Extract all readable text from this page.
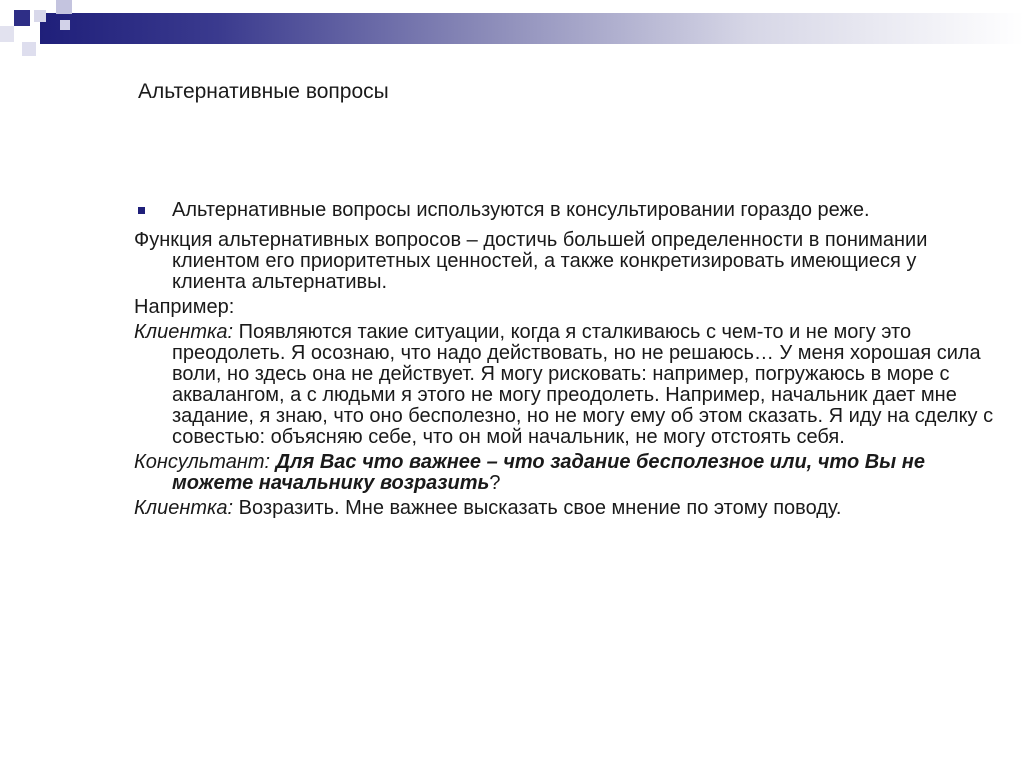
Альтернативные вопросы
Альтернативные вопросы используются в консультировании гораздо реже.
Функция альтернативных вопросов – достичь большей определенности в понимании клиентом его приоритетных ценностей, а также конкретизировать имеющиеся у клиента альтернативы.
Например:
Клиентка: Появляются такие ситуации, когда я сталкиваюсь с чем-то и не могу это преодолеть. Я осознаю, что надо действовать, но не решаюсь… У меня хорошая сила воли, но здесь она не действует. Я могу рисковать: например, погружаюсь в море с аквалангом, а с людьми я этого не могу преодолеть. Например, начальник дает мне задание, я знаю, что оно бесполезно, но не могу ему об этом сказать. Я иду на сделку с совестью: объясняю себе, что он мой начальник, не могу отстоять себя.
Консультант: Для Вас что важнее – что задание бесполезное или, что Вы не можете начальнику возразить?
Клиентка: Возразить. Мне важнее высказать свое мнение по этому поводу.
